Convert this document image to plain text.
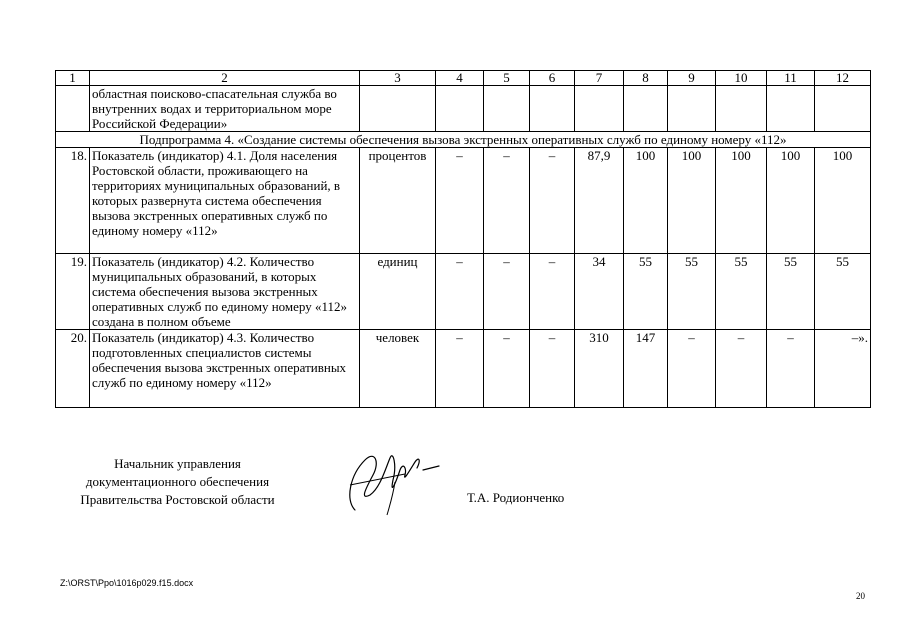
1	2	3	4	5	6	7	8	9	10	11	12
	областная поисково-спасательная служба во внутренних водах и территориальном море Российской Федерации»										
Подпрограмма 4. «Создание системы обеспечения вызова экстренных оперативных служб по единому номеру «112»											
18.	Показатель (индикатор) 4.1. Доля населения Ростовской области, проживающего на территориях муниципальных образований, в которых развернута система обеспечения вызова экстренных оперативных служб по единому номеру «112»	процентов	–	–	–	87,9	100	100	100	100	100
19.	Показатель (индикатор) 4.2. Количество муниципальных образований, в которых система обеспечения вызова экстренных оперативных служб по единому номеру «112» создана в полном объеме	единиц	–	–	–	34	55	55	55	55	55
20.	Показатель (индикатор) 4.3. Количество подготовленных специалистов системы обеспечения вызова экстренных оперативных служб по единому номеру «112»	человек	–	–	–	310	147	–	–	–	–».
Начальник управления
документационного обеспечения
Правительства Ростовской области	Т.А. Родионченко
Z:\ORST\Ppo\1016p029.f15.docx
20
